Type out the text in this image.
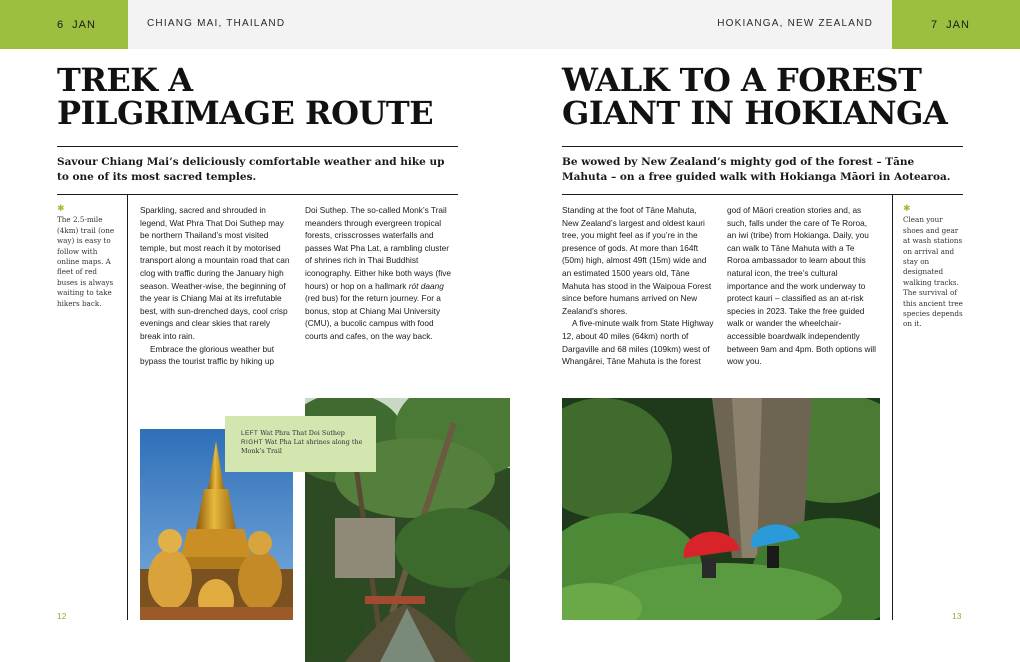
6 JAN	CHIANG MAI, THAILAND	HOKIANGA, NEW ZEALAND	7 JAN
TREK A
PILGRIMAGE ROUTE
WALK TO A FOREST
GIANT IN HOKIANGA

Savour Chiang Mai’s deliciously comfortable weather and hike up to one of its most sacred temples.

Be wowed by New Zealand’s mighty god of the forest – Tāne Mahuta – on a free guided walk with Hokianga Māori in Aotearoa.

✱
The 2.5-mile (4km) trail (one way) is easy to follow with online maps. A fleet of red buses is always waiting to take hikers back.
✱
Clean your shoes and gear at wash stations on arrival and stay on designated walking tracks. The survival of this ancient tree species depends on it.

Sparkling, sacred and shrouded in legend, Wat Phra That Doi Suthep may be northern Thailand’s most visited temple, but most reach it by motorised transport along a mountain road that can clog with traffic during the January high season. Weather-wise, the beginning of the year is Chiang Mai at its irrefutable best, with sun-drenched days, cool crisp evenings and clear skies that rarely break into rain.

Embrace the glorious weather but bypass the tourist traffic by hiking up

Doi Suthep. The so-called Monk’s Trail meanders through evergreen tropical forests, crisscrosses waterfalls and passes Wat Pha Lat, a rambling cluster of shrines rich in Thai Buddhist iconography. Either hike both ways (five hours) or hop on a hallmark rót daang (red bus) for the return journey. For a bonus, stop at Chiang Mai University (CMU), a bucolic campus with food courts and cafes, on the way back.

Standing at the foot of Tāne Mahuta, New Zealand’s largest and oldest kauri tree, you might feel as if you’re in the presence of gods. At more than 164ft (50m) high, almost 49ft (15m) wide and an estimated 1500 years old, Tāne Mahuta has stood in the Waipoua Forest since before humans arrived on New Zealand’s shores.

A five-minute walk from State Highway 12, about 40 miles (64km) north of Dargaville and 68 miles (109km) west of Whangārei, Tāne Mahuta is the forest

god of Māori creation stories and, as such, falls under the care of Te Roroa, an iwi (tribe) from Hokianga. Daily, you can walk to Tāne Mahuta with a Te Roroa ambassador to learn about this natural icon, the tree’s cultural importance and the work underway to protect kauri – classified as an at-risk species in 2023. Take the free guided walk or wander the wheelchair-accessible boardwalk independently between 9am and 4pm. Both options will wow you.

LEFT Wat Phra That Doi Suthep
RIGHT Wat Pha Lat shrines along the Monk’s Trail
12	13
